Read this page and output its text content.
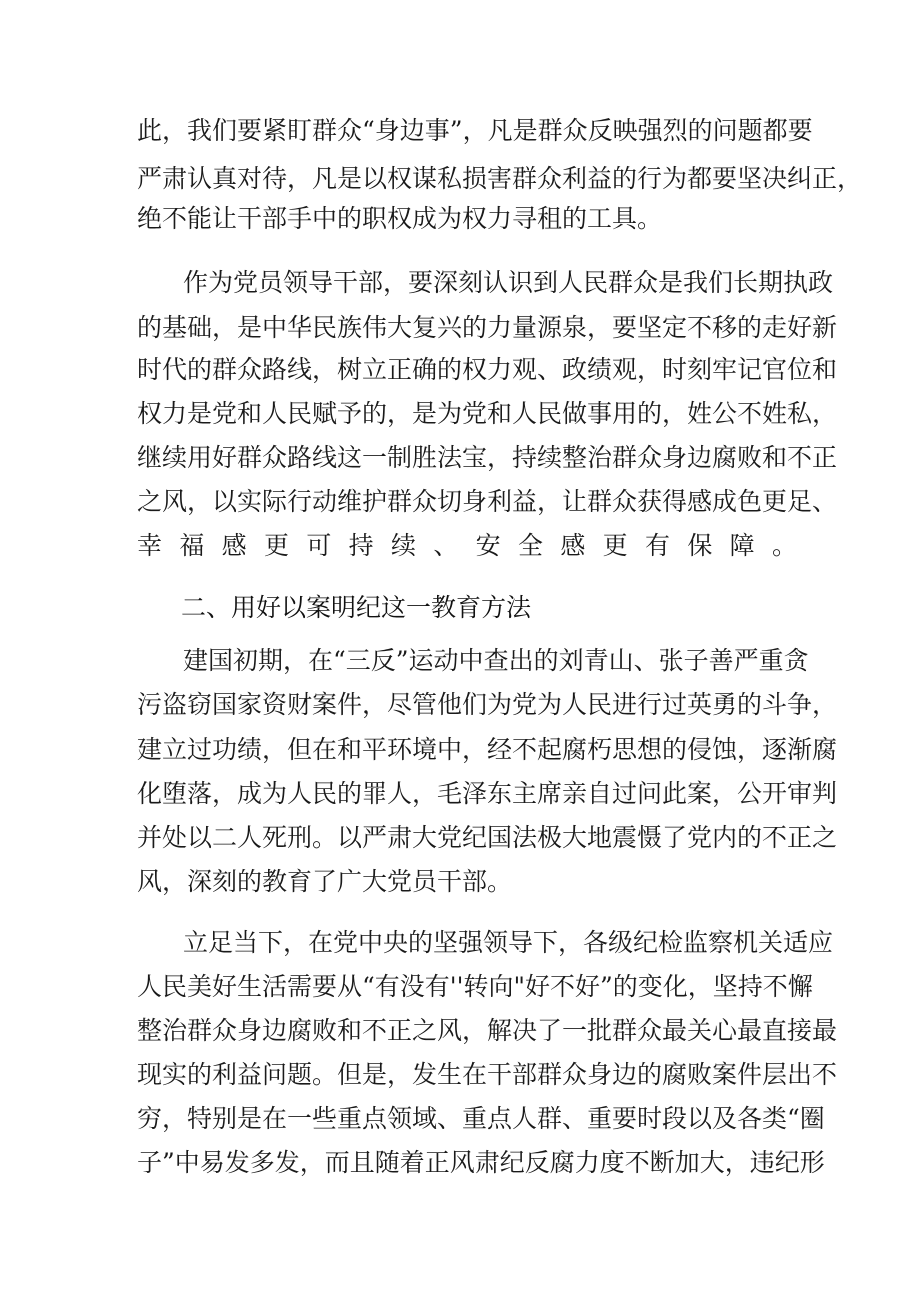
此，我们要紧盯群众“身边事”，凡是群众反映强烈的问题都要
严肃认真对待，凡是以权谋私损害群众利益的行为都要坚决纠正，
绝不能让干部手中的职权成为权力寻租的工具。
作为党员领导干部，要深刻认识到人民群众是我们长期执政
的基础，是中华民族伟大复兴的力量源泉，要坚定不移的走好新
时代的群众路线，树立正确的权力观、政绩观，时刻牢记官位和
权力是党和人民赋予的，是为党和人民做事用的，姓公不姓私，
继续用好群众路线这一制胜法宝，持续整治群众身边腐败和不正
之风，以实际行动维护群众切身利益，让群众获得感成色更足、
幸福感更可持续、安全感更有保障。
二、用好以案明纪这一教育方法
建国初期，在“三反”运动中查出的刘青山、张子善严重贪
污盗窃国家资财案件，尽管他们为党为人民进行过英勇的斗争，
建立过功绩，但在和平环境中，经不起腐朽思想的侵蚀，逐渐腐
化堕落，成为人民的罪人，毛泽东主席亲自过问此案，公开审判
并处以二人死刑。以严肃大党纪国法极大地震慑了党内的不正之
风，深刻的教育了广大党员干部。
立足当下，在党中央的坚强领导下，各级纪检监察机关适应
人民美好生活需要从“有没有''转向"好不好”的变化，坚持不懈
整治群众身边腐败和不正之风，解决了一批群众最关心最直接最
现实的利益问题。但是，发生在干部群众身边的腐败案件层出不
穷，特别是在一些重点领域、重点人群、重要时段以及各类“圈
子”中易发多发，而且随着正风肃纪反腐力度不断加大，违纪形
